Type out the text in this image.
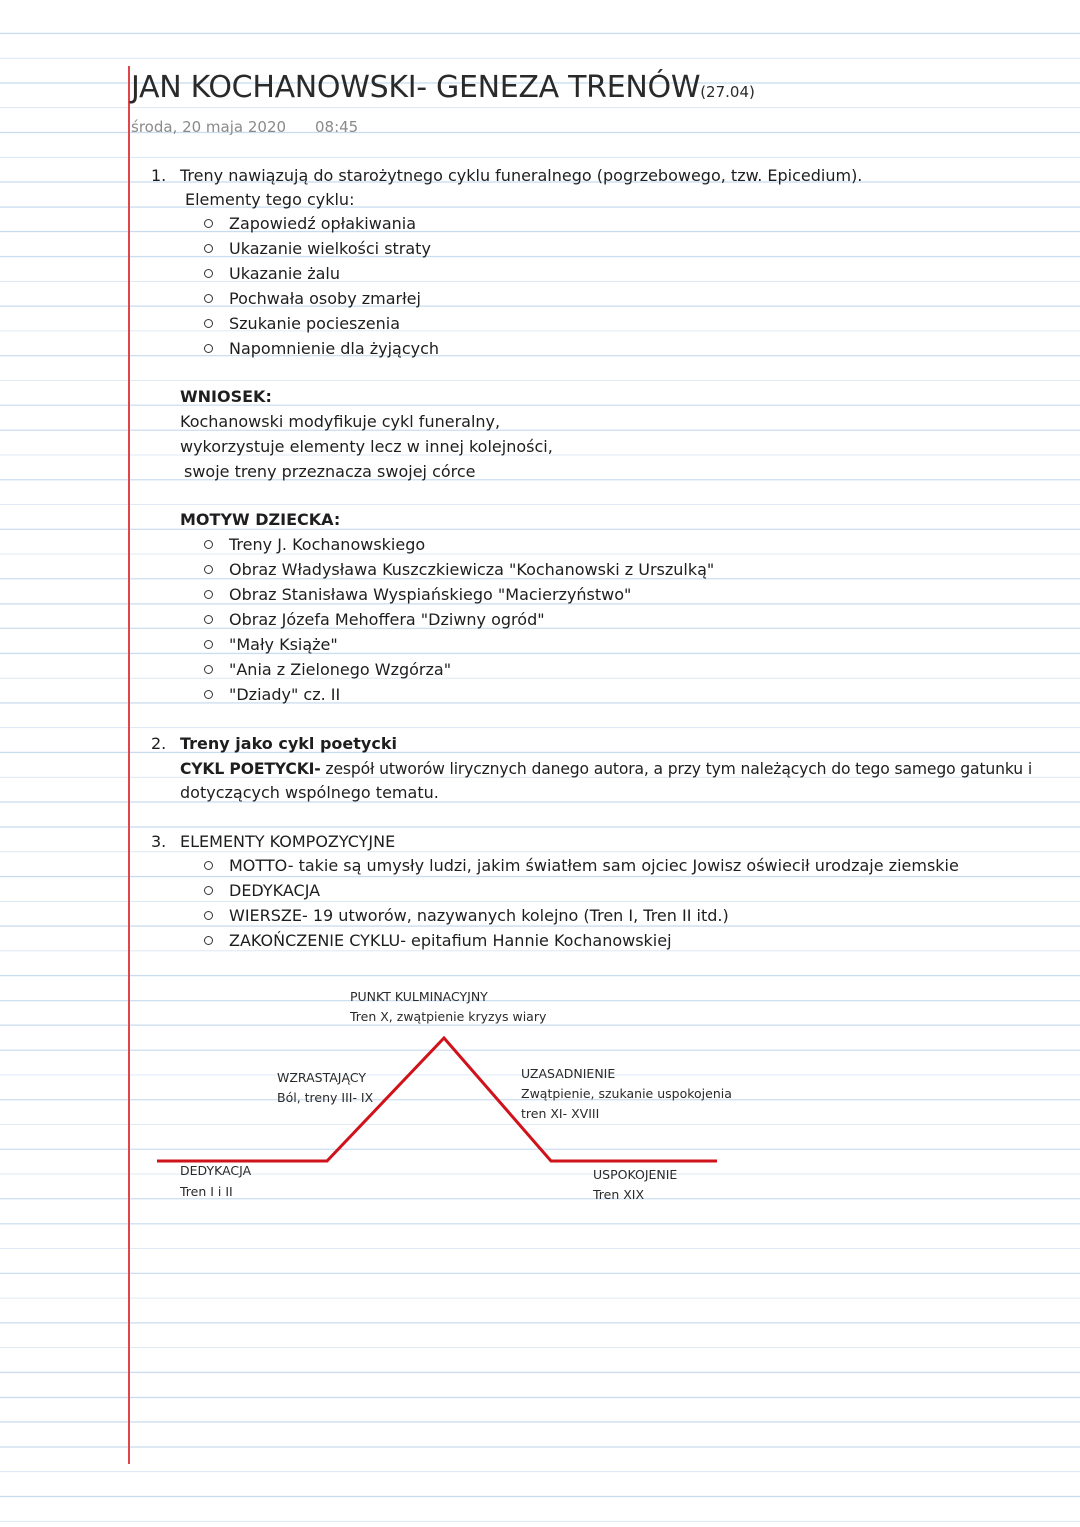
JAN KOCHANOWSKI- GENEZA TRENÓW(27.04)
środa, 20 maja 2020 08:45
1. Treny nawiązują do starożytnego cyklu funeralnego (pogrzebowego, tzw. Epicedium).
Elementy tego cyklu:
Zapowiedź opłakiwania
Ukazanie wielkości straty
Ukazanie żalu
Pochwała osoby zmarłej
Szukanie pocieszenia
Napomnienie dla żyjących
WNIOSEK:
Kochanowski modyfikuje cykl funeralny,
wykorzystuje elementy lecz w innej kolejności,
swoje treny przeznacza swojej córce
MOTYW DZIECKA:
Treny J. Kochanowskiego
Obraz Władysława Kuszczkiewicza "Kochanowski z Urszulką"
Obraz Stanisława Wyspiańskiego "Macierzyństwo"
Obraz Józefa Mehoffera "Dziwny ogród"
"Mały Książe"
"Ania z Zielonego Wzgórza"
"Dziady" cz. II
2. Treny jako cykl poetycki
CYKL POETYCKI- zespół utworów lirycznych danego autora, a przy tym należących do tego samego gatunku i
dotyczących wspólnego tematu.
3. ELEMENTY KOMPOZYCYJNE
MOTTO- takie są umysły ludzi, jakim światłem sam ojciec Jowisz oświecił urodzaje ziemskie
DEDYKACJA
WIERSZE- 19 utworów, nazywanych kolejno (Tren I, Tren II itd.)
ZAKOŃCZENIE CYKLU- epitafium Hannie Kochanowskiej
PUNKT KULMINACYJNY
Tren X, zwątpienie kryzys wiary
WZRASTAJĄCY
Ból, treny III- IX
UZASADNIENIE
Zwątpienie, szukanie uspokojenia
tren XI- XVIII
DEDYKACJA
Tren I i II
USPOKOJENIE
Tren XIX
